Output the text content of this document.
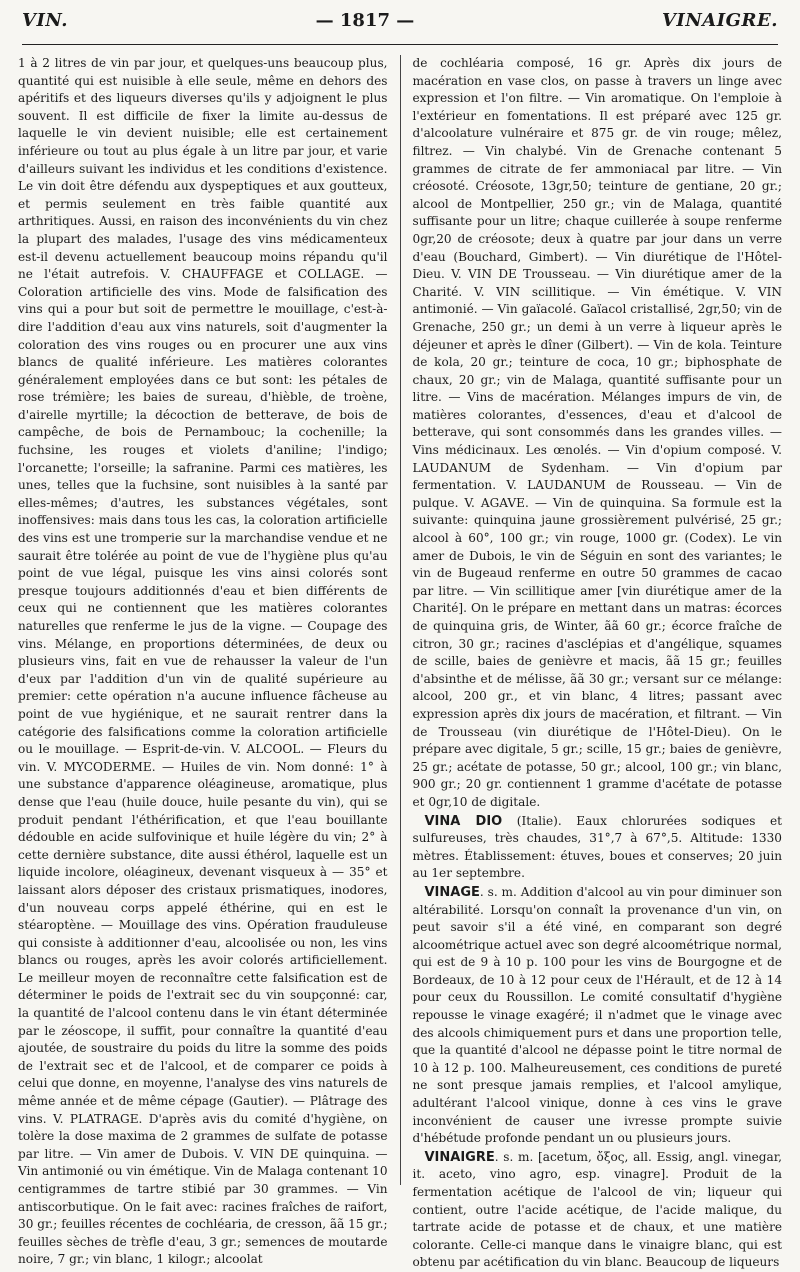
VIN.	— 1817 —	VINAIGRE.

1 à 2 litres de vin par jour, et quelques-uns beaucoup plus, quantité qui est nuisible à elle seule, même en dehors des apéritifs et des liqueurs diverses qu'ils y adjoignent le plus souvent. Il est difficile de fixer la limite au-dessus de laquelle le vin devient nuisible; elle est certainement inférieure ou tout au plus égale à un litre par jour, et varie d'ailleurs suivant les individus et les conditions d'existence. Le vin doit être défendu aux dyspeptiques et aux goutteux, et permis seulement en très faible quantité aux arthritiques. Aussi, en raison des inconvénients du vin chez la plupart des malades, l'usage des vins médicamenteux est-il devenu actuellement beaucoup moins répandu qu'il ne l'était autrefois. V. CHAUFFAGE et COLLAGE. — Coloration artificielle des vins. Mode de falsification des vins qui a pour but soit de permettre le mouillage, c'est-à-dire l'addition d'eau aux vins naturels, soit d'augmenter la coloration des vins rouges ou en procurer une aux vins blancs de qualité inférieure. Les matières colorantes généralement employées dans ce but sont: les pétales de rose trémière; les baies de sureau, d'hièble, de troène, d'airelle myrtille; la décoction de betterave, de bois de campêche, de bois de Pernambouc; la cochenille; la fuchsine, les rouges et violets d'aniline; l'indigo; l'orcanette; l'orseille; la safranine. Parmi ces matières, les unes, telles que la fuchsine, sont nuisibles à la santé par elles-mêmes; d'autres, les substances végétales, sont inoffensives: mais dans tous les cas, la coloration artificielle des vins est une tromperie sur la marchandise vendue et ne saurait être tolérée au point de vue de l'hygiène plus qu'au point de vue légal, puisque les vins ainsi colorés sont presque toujours additionnés d'eau et bien différents de ceux qui ne contiennent que les matières colorantes naturelles que renferme le jus de la vigne. — Coupage des vins. Mélange, en proportions déterminées, de deux ou plusieurs vins, fait en vue de rehausser la valeur de l'un d'eux par l'addition d'un vin de qualité supérieure au premier: cette opération n'a aucune influence fâcheuse au point de vue hygiénique, et ne saurait rentrer dans la catégorie des falsifications comme la coloration artificielle ou le mouillage. — Esprit-de-vin. V. ALCOOL. — Fleurs du vin. V. MYCODERME. — Huiles de vin. Nom donné: 1° à une substance d'apparence oléagineuse, aromatique, plus dense que l'eau (huile douce, huile pesante du vin), qui se produit pendant l'éthérification, et que l'eau bouillante dédouble en acide sulfovinique et huile légère du vin; 2° à cette dernière substance, dite aussi éthérol, laquelle est un liquide incolore, oléagineux, devenant visqueux à — 35° et laissant alors déposer des cristaux prismatiques, inodores, d'un nouveau corps appelé éthérine, qui en est le stéaroptène. — Mouillage des vins. Opération frauduleuse qui consiste à additionner d'eau, alcoolisée ou non, les vins blancs ou rouges, après les avoir colorés artificiellement. Le meilleur moyen de reconnaître cette falsification est de déterminer le poids de l'extrait sec du vin soupçonné: car, la quantité de l'alcool contenu dans le vin étant déterminée par le zéoscope, il suffit, pour connaître la quantité d'eau ajoutée, de soustraire du poids du litre la somme des poids de l'extrait sec et de l'alcool, et de comparer ce poids à celui que donne, en moyenne, l'analyse des vins naturels de même année et de même cépage (Gautier). — Plâtrage des vins. V. PLATRAGE. D'après avis du comité d'hygiène, on tolère la dose maxima de 2 grammes de sulfate de potasse par litre. — Vin amer de Dubois. V. VIN DE quinquina. — Vin antimonié ou vin émétique. Vin de Malaga contenant 10 centigrammes de tartre stibié par 30 grammes. — Vin antiscorbutique. On le fait avec: racines fraîches de raifort, 30 gr.; feuilles récentes de cochléaria, de cresson, ãã 15 gr.; feuilles sèches de trèfle d'eau, 3 gr.; semences de moutarde noire, 7 gr.; vin blanc, 1 kilogr.; alcoolat

de cochléaria composé, 16 gr. Après dix jours de macération en vase clos, on passe à travers un linge avec expression et l'on filtre. — Vin aromatique. On l'emploie à l'extérieur en fomentations. Il est préparé avec 125 gr. d'alcoolature vulnéraire et 875 gr. de vin rouge; mêlez, filtrez. — Vin chalybé. Vin de Grenache contenant 5 grammes de citrate de fer ammoniacal par litre. — Vin créosoté. Créosote, 13gr,50; teinture de gentiane, 20 gr.; alcool de Montpellier, 250 gr.; vin de Malaga, quantité suffisante pour un litre; chaque cuillerée à soupe renferme 0gr,20 de créosote; deux à quatre par jour dans un verre d'eau (Bouchard, Gimbert). — Vin diurétique de l'Hôtel-Dieu. V. VIN DE Trousseau. — Vin diurétique amer de la Charité. V. VIN scillitique. — Vin émétique. V. VIN antimonié. — Vin gaïacolé. Gaïacol cristallisé, 2gr,50; vin de Grenache, 250 gr.; un demi à un verre à liqueur après le déjeuner et après le dîner (Gilbert). — Vin de kola. Teinture de kola, 20 gr.; teinture de coca, 10 gr.; biphosphate de chaux, 20 gr.; vin de Malaga, quantité suffisante pour un litre. — Vins de macération. Mélanges impurs de vin, de matières colorantes, d'essences, d'eau et d'alcool de betterave, qui sont consommés dans les grandes villes. — Vins médicinaux. Les œnolés. — Vin d'opium composé. V. LAUDANUM de Sydenham. — Vin d'opium par fermentation. V. LAUDANUM de Rousseau. — Vin de pulque. V. AGAVE. — Vin de quinquina. Sa formule est la suivante: quinquina jaune grossièrement pulvérisé, 25 gr.; alcool à 60°, 100 gr.; vin rouge, 1000 gr. (Codex). Le vin amer de Dubois, le vin de Séguin en sont des variantes; le vin de Bugeaud renferme en outre 50 grammes de cacao par litre. — Vin scillitique amer [vin diurétique amer de la Charité]. On le prépare en mettant dans un matras: écorces de quinquina gris, de Winter, ãã 60 gr.; écorce fraîche de citron, 30 gr.; racines d'asclépias et d'angélique, squames de scille, baies de genièvre et macis, ãã 15 gr.; feuilles d'absinthe et de mélisse, ãã 30 gr.; versant sur ce mélange: alcool, 200 gr., et vin blanc, 4 litres; passant avec expression après dix jours de macération, et filtrant. — Vin de Trousseau (vin diurétique de l'Hôtel-Dieu). On le prépare avec digitale, 5 gr.; scille, 15 gr.; baies de genièvre, 25 gr.; acétate de potasse, 50 gr.; alcool, 100 gr.; vin blanc, 900 gr.; 20 gr. contiennent 1 gramme d'acétate de potasse et 0gr,10 de digitale.

VINA DIO (Italie). Eaux chlorurées sodiques et sulfureuses, très chaudes, 31°,7 à 67°,5. Altitude: 1330 mètres. Établissement: étuves, boues et conserves; 20 juin au 1er septembre.

VINAGE. s. m. Addition d'alcool au vin pour diminuer son altérabilité. Lorsqu'on connaît la provenance d'un vin, on peut savoir s'il a été viné, en comparant son degré alcoométrique actuel avec son degré alcoométrique normal, qui est de 9 à 10 p. 100 pour les vins de Bourgogne et de Bordeaux, de 10 à 12 pour ceux de l'Hérault, et de 12 à 14 pour ceux du Roussillon. Le comité consultatif d'hygiène repousse le vinage exagéré; il n'admet que le vinage avec des alcools chimiquement purs et dans une proportion telle, que la quantité d'alcool ne dépasse point le titre normal de 10 à 12 p. 100. Malheureusement, ces conditions de pureté ne sont presque jamais remplies, et l'alcool amylique, adultérant l'alcool vinique, donne à ces vins le grave inconvénient de causer une ivresse prompte suivie d'hébétude profonde pendant un ou plusieurs jours.

VINAIGRE. s. m. [acetum, ὄξος, all. Essig, angl. vinegar, it. aceto, vino agro, esp. vinagre]. Produit de la fermentation acétique de l'alcool de vin; liqueur qui contient, outre l'acide acétique, de l'acide malique, du tartrate acide de potasse et de chaux, et une matière colorante. Celle-ci manque dans le vinaigre blanc, qui est obtenu par acétification du vin blanc. Beaucoup de liqueurs
